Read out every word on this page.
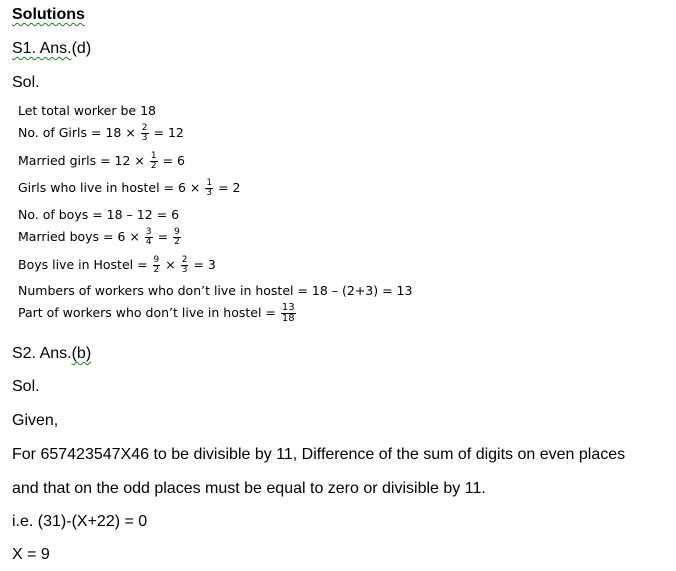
Solutions
S1. Ans.(d)
Sol.
Let total worker be 18
No. of Girls = $18 \times \frac{2}{3} = 12$
Married girls = $12 \times \frac{1}{2} = 6$
Girls who live in hostel = $6 \times \frac{1}{3} = 2$
No. of boys = 18 – 12 = 6
Married boys = $6 \times \frac{3}{4} = \frac{9}{2}$
Boys live in Hostel = $\frac{9}{2} \times \frac{2}{3} = 3$
Numbers of workers who don’t live in hostel = 18 – (2+3) = 13
Part of workers who don’t live in hostel = $\frac{13}{18}$
S2. Ans.(b)
Sol.
Given,
For 657423547X46 to be divisible by 11, Difference of the sum of digits on even places
and that on the odd places must be equal to zero or divisible by 11.
i.e. (31)-(X+22) = 0
X = 9
